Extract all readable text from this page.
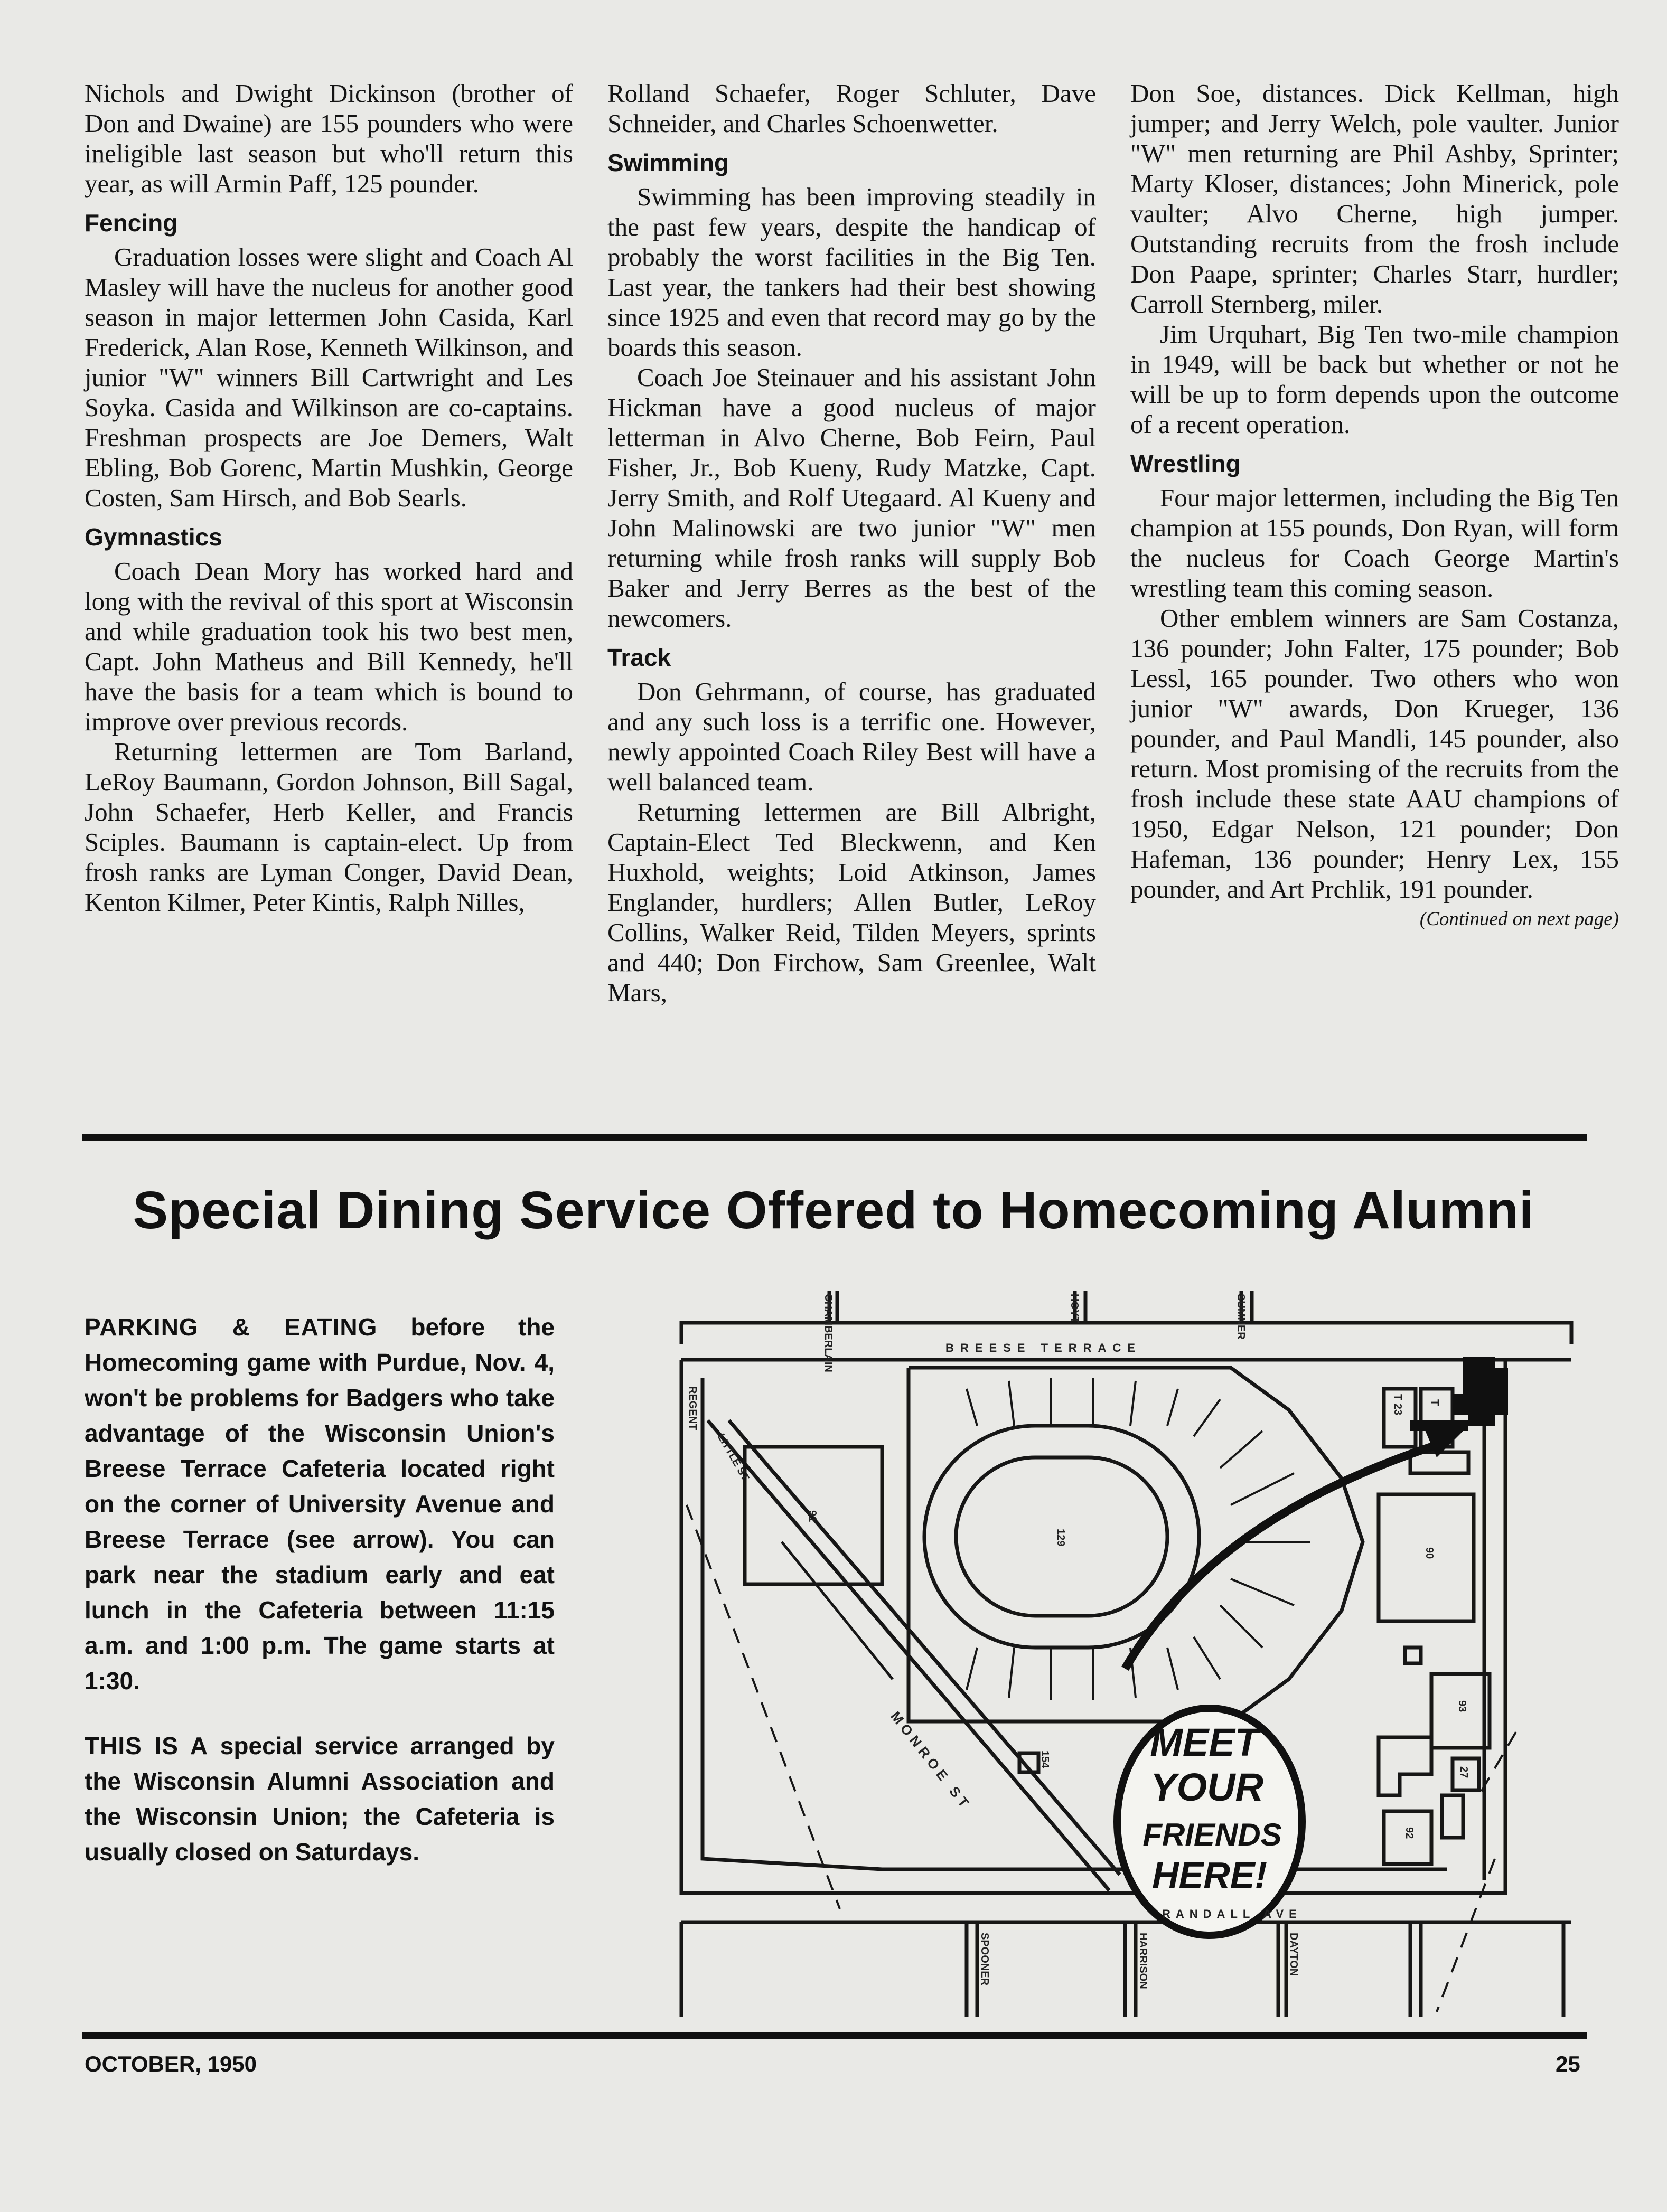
Nichols and Dwight Dickinson (brother of Don and Dwaine) are 155 pounders who were ineligible last season but who'll return this year, as will Armin Paff, 125 pounder.

Fencing

Graduation losses were slight and Coach Al Masley will have the nucleus for another good season in major lettermen John Casida, Karl Frederick, Alan Rose, Kenneth Wilkinson, and junior "W" winners Bill Cartwright and Les Soyka. Casida and Wilkinson are co-captains. Freshman prospects are Joe Demers, Walt Ebling, Bob Gorenc, Martin Mushkin, George Costen, Sam Hirsch, and Bob Searls.

Gymnastics

Coach Dean Mory has worked hard and long with the revival of this sport at Wisconsin and while graduation took his two best men, Capt. John Matheus and Bill Kennedy, he'll have the basis for a team which is bound to improve over previous records.

Returning lettermen are Tom Barland, LeRoy Baumann, Gordon Johnson, Bill Sagal, John Schaefer, Herb Keller, and Francis Sciples. Baumann is captain-elect. Up from frosh ranks are Lyman Conger, David Dean, Kenton Kilmer, Peter Kintis, Ralph Nilles,

Rolland Schaefer, Roger Schluter, Dave Schneider, and Charles Schoenwetter.

Swimming

Swimming has been improving steadily in the past few years, despite the handicap of probably the worst facilities in the Big Ten. Last year, the tankers had their best showing since 1925 and even that record may go by the boards this season.

Coach Joe Steinauer and his assistant John Hickman have a good nucleus of major letterman in Alvo Cherne, Bob Feirn, Paul Fisher, Jr., Bob Kueny, Rudy Matzke, Capt. Jerry Smith, and Rolf Utegaard. Al Kueny and John Malinowski are two junior "W" men returning while frosh ranks will supply Bob Baker and Jerry Berres as the best of the newcomers.

Track

Don Gehrmann, of course, has graduated and any such loss is a terrific one. However, newly appointed Coach Riley Best will have a well balanced team.

Returning lettermen are Bill Albright, Captain-Elect Ted Bleckwenn, and Ken Huxhold, weights; Loid Atkinson, James Englander, hurdlers; Allen Butler, LeRoy Collins, Walker Reid, Tilden Meyers, sprints and 440; Don Firchow, Sam Greenlee, Walt Mars,

Don Soe, distances. Dick Kellman, high jumper; and Jerry Welch, pole vaulter. Junior "W" men returning are Phil Ashby, Sprinter; Marty Kloser, distances; John Minerick, pole vaulter; Alvo Cherne, high jumper. Outstanding recruits from the frosh include Don Paape, sprinter; Charles Starr, hurdler; Carroll Sternberg, miler.

Jim Urquhart, Big Ten two-mile champion in 1949, will be back but whether or not he will be up to form depends upon the outcome of a recent operation.

Wrestling

Four major lettermen, including the Big Ten champion at 155 pounds, Don Ryan, will form the nucleus for Coach George Martin's wrestling team this coming season.

Other emblem winners are Sam Costanza, 136 pounder; John Falter, 175 pounder; Bob Lessl, 165 pounder. Two others who won junior "W" awards, Don Krueger, 136 pounder, and Paul Mandli, 145 pounder, also return. Most promising of the recruits from the frosh include these state AAU champions of 1950, Edgar Nelson, 121 pounder; Don Hafeman, 136 pounder; Henry Lex, 155 pounder, and Art Prchlik, 191 pounder.

(Continued on next page)

Special Dining Service Offered to Homecoming Alumni

PARKING & EATING before the Homecoming game with Purdue, Nov. 4, won't be problems for Badgers who take advantage of the Wisconsin Union's Breese Terrace Cafeteria located right on the corner of University Avenue and Breese Terrace (see arrow). You can park near the stadium early and eat lunch in the Cafeteria between 11:15 a.m. and 1:00 p.m. The game starts at 1:30.

THIS IS A special service arranged by the Wisconsin Alumni Association and the Wisconsin Union; the Cafeteria is usually closed on Saturdays.

MEET
YOUR
FRIENDS
HERE!
BREESE TERRACE
CHAMBERLAIN	HOYT	SUMNER
REGENT
LITTLE ST
MONROE ST
RANDALL AVE
SPOONER	HARRISON	DAYTON
91
129
154
90
93
92
27
T 23 T
OCTOBER, 1950	25
